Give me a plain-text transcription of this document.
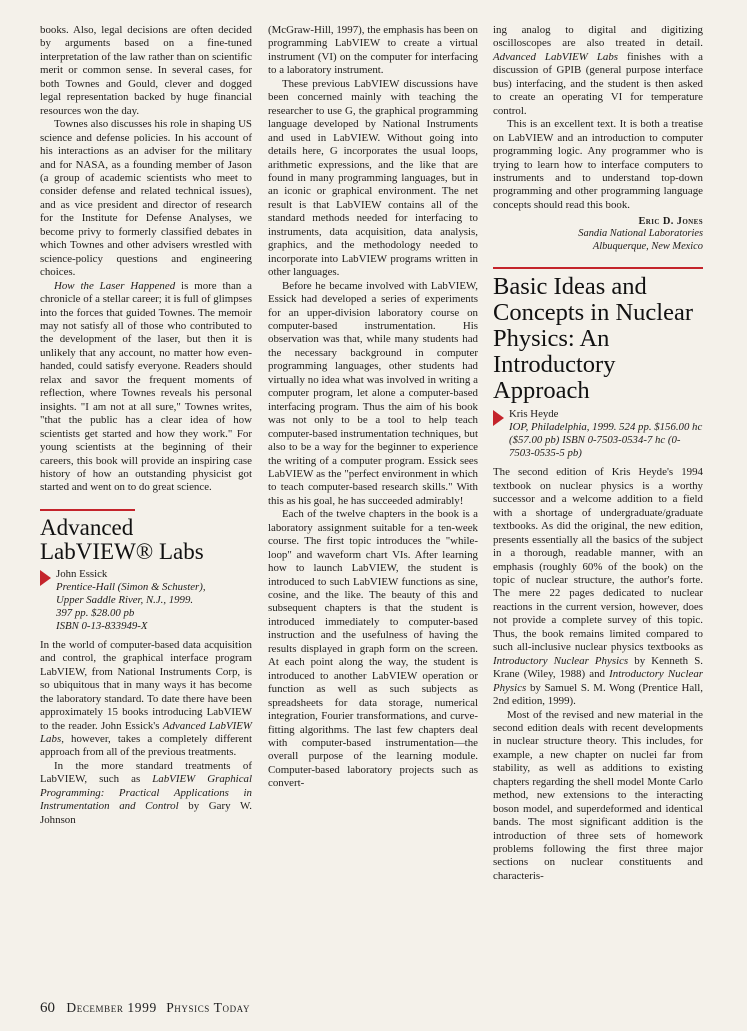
books. Also, legal decisions are often decided by arguments based on a fine-tuned interpretation of the law rather than on scientific merit or common sense. In several cases, for both Townes and Gould, clever and dogged legal representation backed by huge financial resources won the day.

Townes also discusses his role in shaping US science and defense policies. In his account of his interactions as an adviser for the military and for NASA, as a founding member of Jason (a group of academic scientists who meet to consider defense and related technical issues), and as vice president and director of research for the Institute for Defense Analyses, we become privy to formerly classified debates in which Townes and other advisers wrestled with science-policy questions and engineering choices.

How the Laser Happened is more than a chronicle of a stellar career; it is full of glimpses into the forces that guided Townes. The memoir may not satisfy all of those who contributed to the development of the laser, but then it is unlikely that any account, no matter how even-handed, could satisfy everyone. Readers should relax and savor the frequent moments of reflection, where Townes reveals his personal insights. "I am not at all sure," Townes writes, "that the public has a clear idea of how scientists get started and how they work." For young scientists at the beginning of their careers, this book will provide an inspiring case history of how an outstanding physicist got started and went on to do great science.

Advanced
LabVIEW® Labs

John Essick

Prentice-Hall (Simon & Schuster),

Upper Saddle River, N.J., 1999.

397 pp. $28.00 pb

ISBN 0-13-833949-X

In the world of computer-based data acquisition and control, the graphical interface program LabVIEW, from National Instruments Corp, is so ubiquitous that in many ways it has become the laboratory standard. To date there have been approximately 15 books introducing LabVIEW to the reader. John Essick's Advanced LabVIEW Labs, however, takes a completely different approach from all of the previous treatments.

In the more standard treatments of LabVIEW, such as LabVIEW Graphical Programming: Practical Applications in Instrumentation and Control by Gary W. Johnson

(McGraw-Hill, 1997), the emphasis has been on programming LabVIEW to create a virtual instrument (VI) on the computer for interfacing to a laboratory instrument.

These previous LabVIEW discussions have been concerned mainly with teaching the researcher to use G, the graphical programming language developed by National Instruments and used in LabVIEW. Without going into details here, G incorporates the usual loops, arithmetic expressions, and the like that are found in many programming languages, but in an iconic or graphical environment. The net result is that LabVIEW contains all of the standard methods needed for interfacing to instruments, data acquisition, data analysis, graphics, and the methodology needed to incorporate into LabVIEW programs written in other languages.

Before he became involved with LabVIEW, Essick had developed a series of experiments for an upper-division laboratory course on computer-based instrumentation. His observation was that, while many students had the necessary background in computer programming languages, other students had virtually no idea what was involved in writing a computer program, let alone a computer-based interfacing program. Thus the aim of his book was not only to be a tool to help teach computer-based instrumentation techniques, but also to be a way for the beginner to experience the writing of a computer program. Essick sees LabVIEW as the "perfect environment in which to teach computer-based research skills." With this as his goal, he has succeeded admirably!

Each of the twelve chapters in the book is a laboratory assignment suitable for a ten-week course. The first topic introduces the "while-loop" and waveform chart VIs. After learning how to launch LabVIEW, the student is introduced to such LabVIEW functions as sine, cosine, and the like. The beauty of this and subsequent chapters is that the student is introduced immediately to computer-based instruction and the usefulness of having the results displayed in graph form on the screen. At each point along the way, the student is introduced to another LabVIEW operation or function as well as such subjects as spreadsheets for data storage, numerical integration, Fourier transformations, and curve-fitting algorithms. The last few chapters deal with computer-based instrumentation—the overall purpose of the learning module. Computer-based laboratory projects such as convert-

ing analog to digital and digitizing oscilloscopes are also treated in detail. Advanced LabVIEW Labs finishes with a discussion of GPIB (general purpose interface bus) interfacing, and the student is then asked to create an operating VI for temperature control.

This is an excellent text. It is both a treatise on LabVIEW and an introduction to computer programming logic. Any programmer who is trying to learn how to interface computers to instruments and to understand top-down programming and other programming language concepts should read this book.

Eric D. Jones
Sandia National Laboratories
Albuquerque, New Mexico
Basic Ideas and Concepts in Nuclear Physics: An Introductory Approach

Kris Heyde

IOP, Philadelphia, 1999. 524 pp. $156.00 hc ($57.00 pb) ISBN 0-7503-0534-7 hc (0-7503-0535-5 pb)

The second edition of Kris Heyde's 1994 textbook on nuclear physics is a worthy successor and a welcome addition to a field with a shortage of undergraduate/graduate textbooks. As did the original, the new edition, presents essentially all the basics of the subject in a thorough, readable manner, with an emphasis (roughly 60% of the book) on the topic of nuclear structure, the author's forte. The mere 22 pages dedicated to nuclear reactions in the current version, however, does not provide a complete survey of this topic. Thus, the book remains limited compared to such all-inclusive nuclear physics textbooks as Introductory Nuclear Physics by Kenneth S. Krane (Wiley, 1988) and Introductory Nuclear Physics by Samuel S. M. Wong (Prentice Hall, 2nd edition, 1999).

Most of the revised and new material in the second edition deals with recent developments in nuclear structure theory. This includes, for example, a new chapter on nuclei far from stability, as well as additions to existing chapters regarding the shell model Monte Carlo method, new extensions to the interacting boson model, and superdeformed and identical bands. The most significant addition is the introduction of three sets of homework problems following the first three major sections on nuclear constituents and characteris-

60 December 1999 Physics Today
